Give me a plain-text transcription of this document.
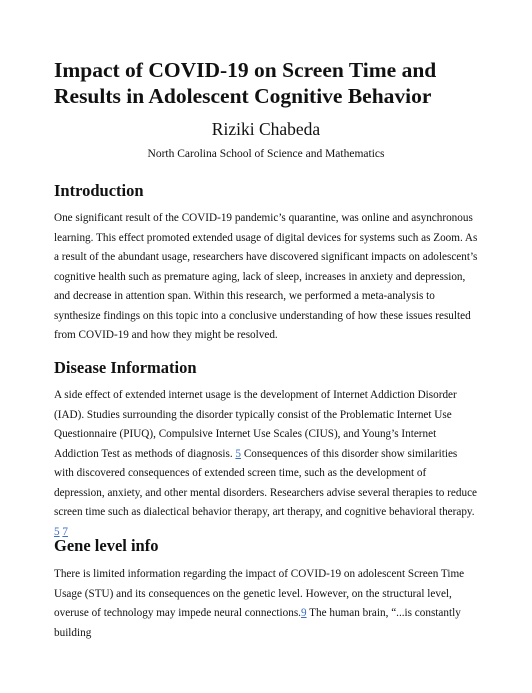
Impact of COVID-19 on Screen Time and Results in Adolescent Cognitive Behavior
Riziki Chabeda
North Carolina School of Science and Mathematics
Introduction

One significant result of the COVID-19 pandemic’s quarantine, was online and asynchronous learning. This effect promoted extended usage of digital devices for systems such as Zoom. As a result of the abundant usage, researchers have discovered significant impacts on adolescent’s cognitive health such as premature aging, lack of sleep, increases in anxiety and depression, and decrease in attention span. Within this research, we performed a meta-analysis to synthesize findings on this topic into a conclusive understanding of how these issues resulted from COVID-19 and how they might be resolved.

Disease Information

A side effect of extended internet usage is the development of Internet Addiction Disorder (IAD). Studies surrounding the disorder typically consist of the Problematic Internet Use Questionnaire (PIUQ), Compulsive Internet Use Scales (CIUS), and Young’s Internet Addiction Test as methods of diagnosis. 5 Consequences of this disorder show similarities with discovered consequences of extended screen time, such as the development of depression, anxiety, and other mental disorders. Researchers advise several therapies to reduce screen time such as dialectical behavior therapy, art therapy, and cognitive behavioral therapy. 5 7

Gene level info

There is limited information regarding the impact of COVID-19 on adolescent Screen Time Usage (STU) and its consequences on the genetic level. However, on the structural level, overuse of technology may impede neural connections.9 The human brain, “...is constantly building
